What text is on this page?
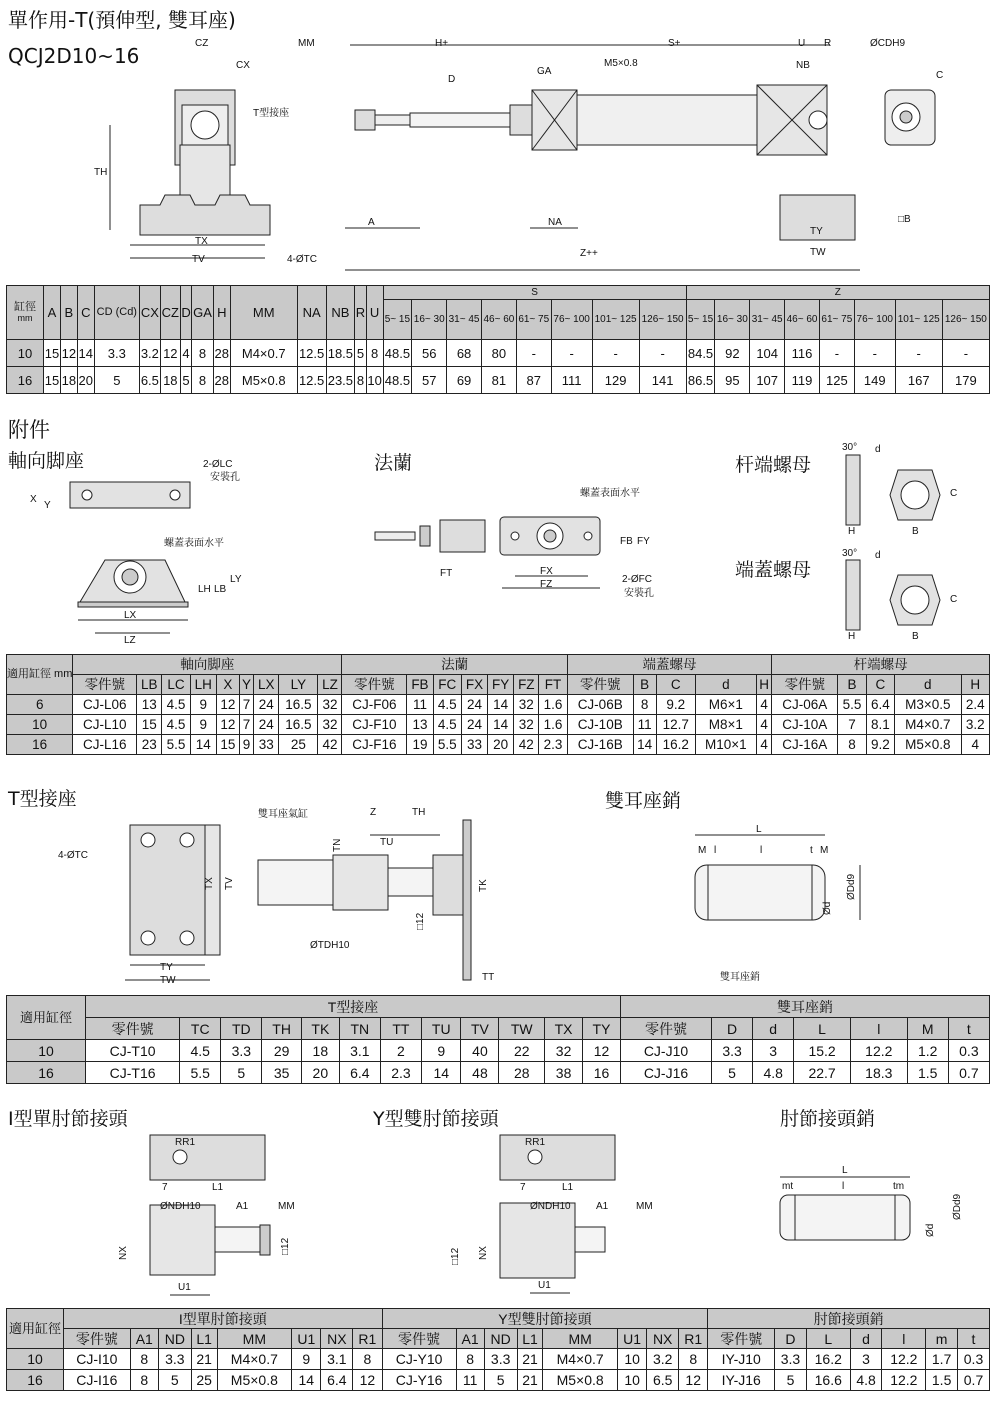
單作用-T(預伸型, 雙耳座)
QCJ2D10~16
CZ
CX
MM	H+	S+	U R	ØCDH9
NB
GA
M5×0.8
D
T型接座
TH
C
□B
A	NA
Z++
TX
TV	4-ØTC
TY
TW
缸徑
mm	A	B	C	CD (Cd)	CX	CZ	D	GA	H	MM	NA	NB	R	U	S								Z							
															5~ 15	16~ 30	31~ 45	46~ 60	61~ 75	76~ 100	101~ 125	126~ 150	5~ 15	16~ 30	31~ 45	46~ 60	61~ 75	76~ 100	101~ 125	126~ 150
10	15	12	14	3.3	3.2	12	4	8	28	M4×0.7	12.5	18.5	5	8	48.5	56	68	80	-	-	-	-	84.5	92	104	116	-	-	-	-
16	15	18	20	5	6.5	18	5	8	28	M5×0.8	12.5	23.5	8	10	48.5	57	69	81	87	111	129	141	86.5	95	107	119	125	149	167	179
附件
軸向脚座	法蘭	杆端螺母
端蓋螺母
2-ØLC
安裝孔
X
Y
螺蓋表面水平
LH LB
LY
LX
LZ
螺蓋表面水平
FB FY
FT	FX
FZ	2-ØFC
安裝孔
30° d
C
H	B
30° d
C
H	B
適用缸徑 mm	軸向脚座									法蘭							端蓋螺母					杆端螺母				
	零件號	LB	LC	LH	X	Y	LX	LY	LZ	零件號	FB	FC	FX	FY	FZ	FT	零件號	B	C	d	H	零件號	B	C	d	H
6	CJ-L06	13	4.5	9	12	7	24	16.5	32	CJ-F06	11	4.5	24	14	32	1.6	CJ-06B	8	9.2	M6×1	4	CJ-06A	5.5	6.4	M3×0.5	2.4
10	CJ-L10	15	4.5	9	12	7	24	16.5	32	CJ-F10	13	4.5	24	14	32	1.6	CJ-10B	11	12.7	M8×1	4	CJ-10A	7	8.1	M4×0.7	3.2
16	CJ-L16	23	5.5	14	15	9	33	25	42	CJ-F16	19	5.5	33	20	42	2.3	CJ-16B	14	16.2	M10×1	4	CJ-16A	8	9.2	M5×0.8	4
T型接座	雙耳座銷
4-ØTC
TX TV
TY
TW
雙耳座氣缸	Z	TH
TN	TU
ØTDH10
□12
TK
TT
L
M l	l	t M
ØDd9
Ød
雙耳座銷
適用缸徑	T型接座												雙耳座銷						
	零件號	TC	TD	TH	TK	TN	TT	TU	TV	TW	TX	TY	零件號	D	d	L	l	M	t
10	CJ-T10	4.5	3.3	29	18	3.1	2	9	40	22	32	12	CJ-J10	3.3	3	15.2	12.2	1.2	0.3
16	CJ-T16	5.5	5	35	20	6.4	2.3	14	48	28	38	16	CJ-J16	5	4.8	22.7	18.3	1.5	0.7
I型單肘節接頭	Y型雙肘節接頭	肘節接頭銷
RR1
7	L1
ØNDH10	A1	MM
NX	□12
U1
RR1
7	L1
ØNDH10	A1	MM
□12 NX
U1
L
mt	l	tm
ØDd9
Ød
適用缸徑	I型單肘節接頭								Y型雙肘節接頭								肘節接頭銷						
	零件號	A1	ND	L1	MM	U1	NX	R1	零件號	A1	ND	L1	MM	U1	NX	R1	零件號	D	L	d	l	m	t
10	CJ-I10	8	3.3	21	M4×0.7	9	3.1	8	CJ-Y10	8	3.3	21	M4×0.7	10	3.2	8	IY-J10	3.3	16.2	3	12.2	1.7	0.3
16	CJ-I16	8	5	25	M5×0.8	14	6.4	12	CJ-Y16	11	5	21	M5×0.8	10	6.5	12	IY-J16	5	16.6	4.8	12.2	1.5	0.7
